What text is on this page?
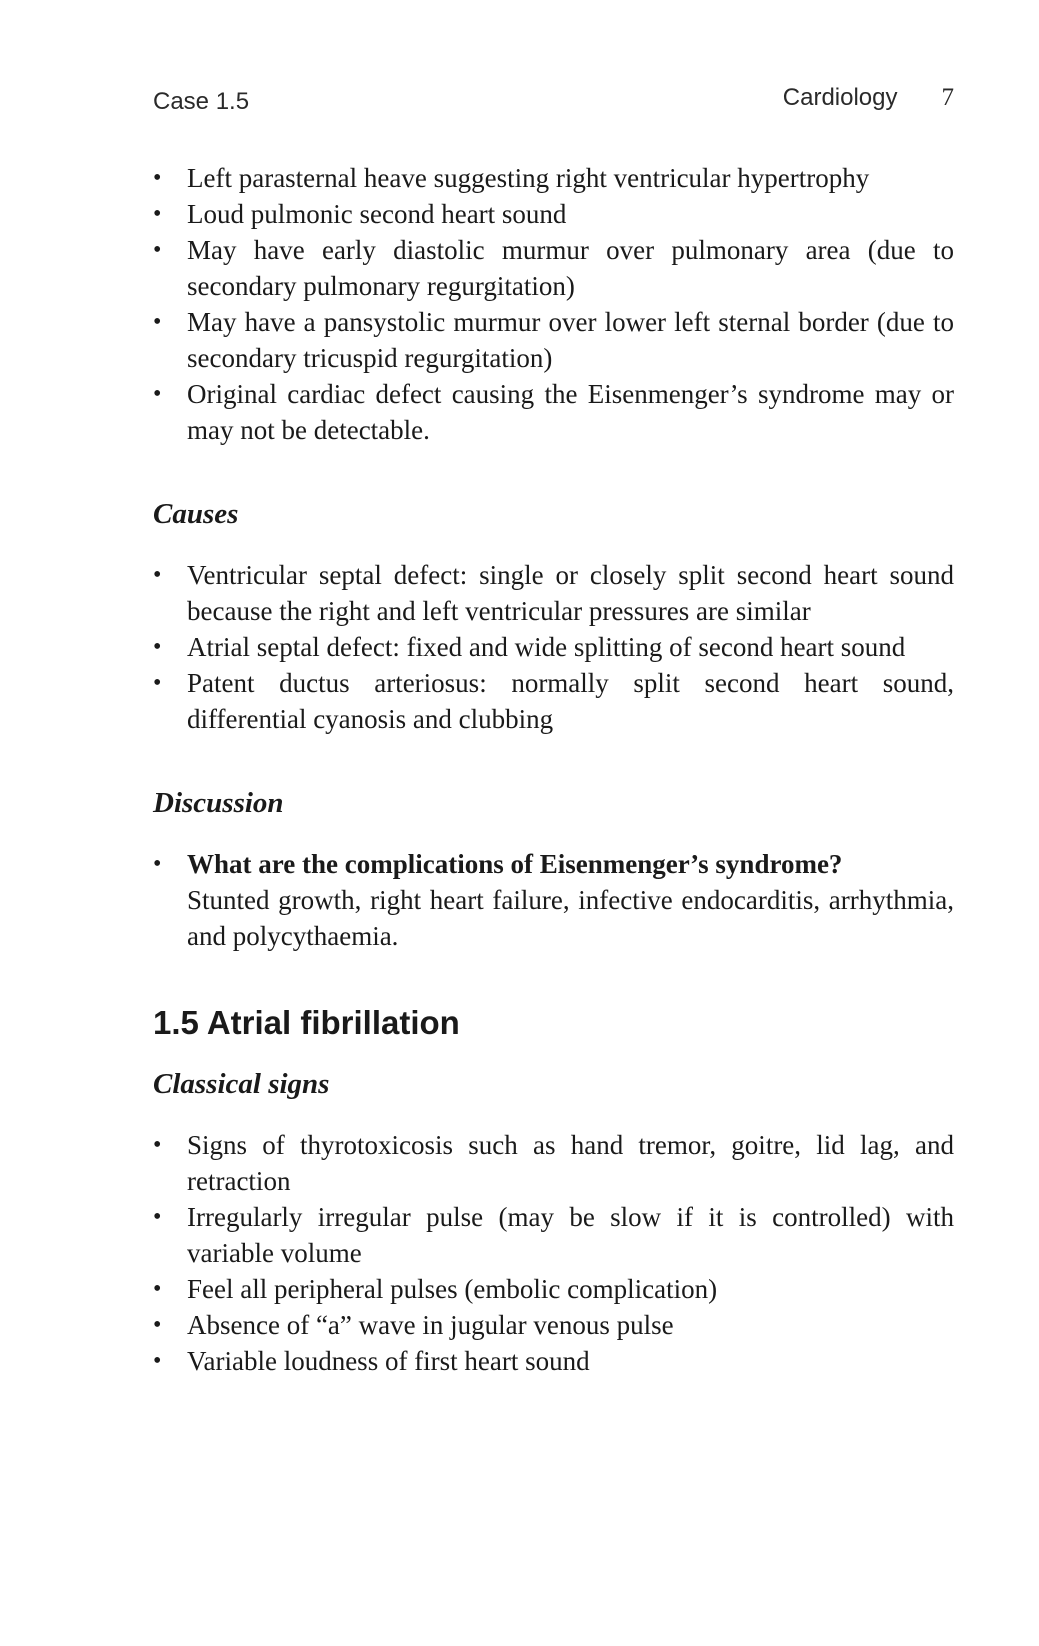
Case 1.5	Cardiology 7
• Left parasternal heave suggesting right ventricular hypertrophy
• Loud pulmonic second heart sound
• May have early diastolic murmur over pulmonary area (due to secondary pulmonary regurgitation)
• May have a pansystolic murmur over lower left sternal border (due to secondary tricuspid regurgitation)
• Original cardiac defect causing the Eisenmenger’s syndrome may or may not be detectable.
Causes
• Ventricular septal defect: single or closely split second heart sound because the right and left ventricular pressures are similar
• Atrial septal defect: fixed and wide splitting of second heart sound
• Patent ductus arteriosus: normally split second heart sound, differential cyanosis and clubbing
Discussion
• What are the complications of Eisenmenger’s syndrome?
Stunted growth, right heart failure, infective endocarditis, arrhythmia, and polycythaemia.
1.5 Atrial fibrillation
Classical signs
• Signs of thyrotoxicosis such as hand tremor, goitre, lid lag, and retraction
• Irregularly irregular pulse (may be slow if it is controlled) with variable volume
• Feel all peripheral pulses (embolic complication)
• Absence of “a” wave in jugular venous pulse
• Variable loudness of first heart sound
